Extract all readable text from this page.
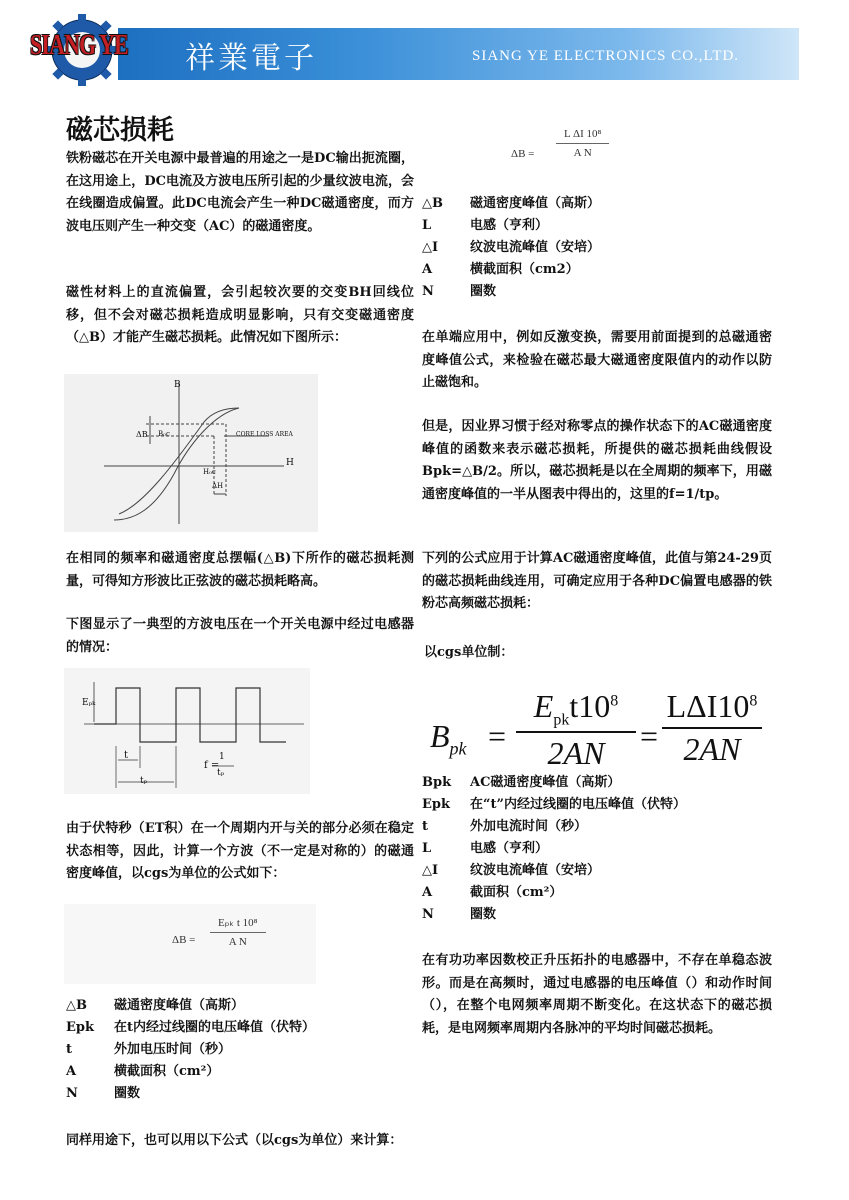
SIANG YE 祥業電子	SIANG YE ELECTRONICS CO.,LTD.
磁芯损耗

铁粉磁芯在开关电源中最普遍的用途之一是DC输出扼流圈，在这用途上，DC电流及方波电压所引起的少量纹波电流，会在线圈造成偏置。此DC电流会产生一种DC磁通密度，而方波电压则产生一种交变（AC）的磁通密度。

磁性材料上的直流偏置，会引起较次要的交变BH回线位移，但不会对磁芯损耗造成明显影响，只有交变磁通密度（△B）才能产生磁芯损耗。此情况如下图所示：

B
H
ΔB B₀c	CORE LOSS AREA
H₀c
ΔH

在相同的频率和磁通密度总摆幅(△B)下所作的磁芯损耗测量，可得知方形波比正弦波的磁芯损耗略高。

下图显示了一典型的方波电压在一个开关电源中经过电感器的情况：

Eₚₖ
t
tₚ
f =
1
tₚ

由于伏特秒（ET积）在一个周期内开与关的部分必须在稳定状态相等，因此，计算一个方波（不一定是对称的）的磁通密度峰值，以cgs为单位的公式如下：

ΔB =
Eₚₖ t 10⁸
A N
△B	磁通密度峰值（高斯）
Epk	在t内经过线圈的电压峰值（伏特）
t	外加电压时间（秒）
A	横截面积（cm²）
N	圈数

同样用途下，也可以用以下公式（以cgs为单位）来计算：

$\Delta B = \frac{\text{L ΔI 10⁸}}{\text{A N}}$
△B	磁通密度峰值（高斯）
L	电感（亨利）
△I	纹波电流峰值（安培）
A	横截面积（cm2）
N	圈数

在单端应用中，例如反激变换，需要用前面提到的总磁通密度峰值公式，来检验在磁芯最大磁通密度限值内的动作以防止磁饱和。

但是，因业界习惯于经对称零点的操作状态下的AC磁通密度峰值的函数来表示磁芯损耗，所提供的磁芯损耗曲线假设Bpk=△B/2。所以，磁芯损耗是以在全周期的频率下，用磁通密度峰值的一半从图表中得出的，这里的f=1/tp。

下列的公式应用于计算AC磁通密度峰值，此值与第24-29页的磁芯损耗曲线连用，可确定应用于各种DC偏置电感器的铁粉芯高频磁芯损耗：

以cgs单位制：

$B_{pk}$ =
$E_{pk}t10^8$
2AN	=
$L\Delta I10^8$
2AN
Bpk	AC磁通密度峰值（高斯）
Epk	在“t”内经过线圈的电压峰值（伏特）
t	外加电流时间（秒）
L	电感（亨利）
△I	纹波电流峰值（安培）
A	截面积（cm²）
N	圈数

在有功功率因数校正升压拓扑的电感器中，不存在单稳态波形。而是在高频时，通过电感器的电压峰值（）和动作时间（），在整个电网频率周期不断变化。在这状态下的磁芯损耗，是电网频率周期内各脉冲的平均时间磁芯损耗。
